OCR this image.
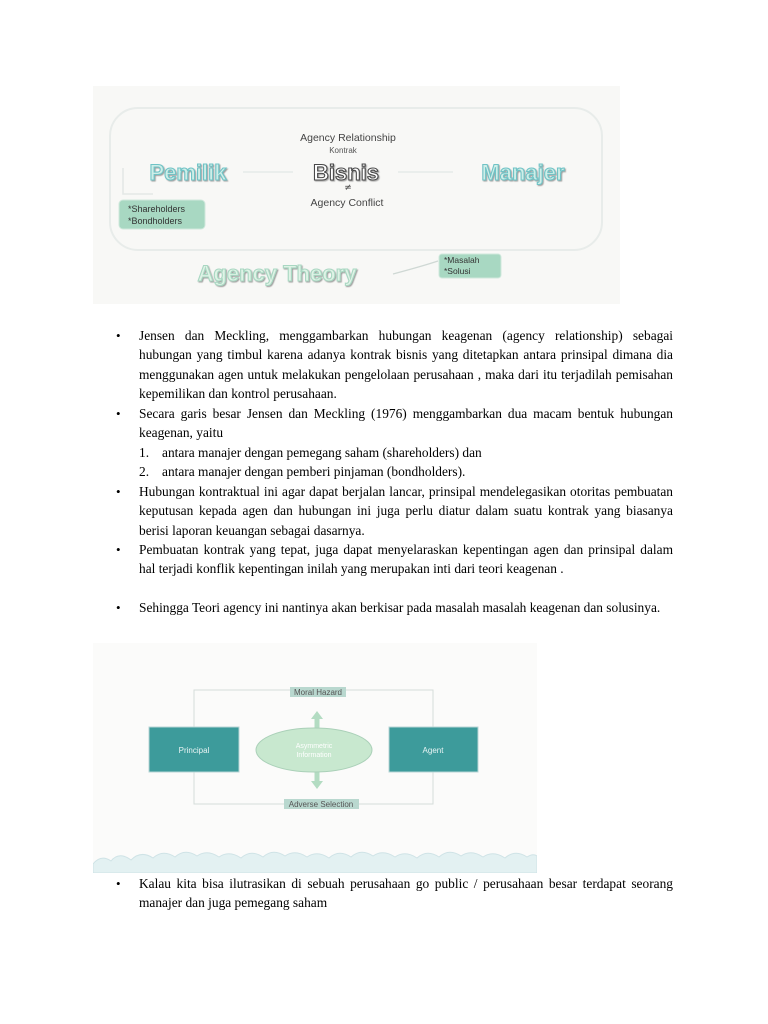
Agency Relationship
Kontrak
Pemilik	Bisnis	Manajer
≠
Agency Conflict
*Shareholders
*Bondholders
Agency Theory
*Masalah
*Solusi
• Jensen dan Meckling, menggambarkan hubungan keagenan (agency relationship) sebagai hubungan yang timbul karena adanya kontrak bisnis yang ditetapkan antara prinsipal dimana dia menggunakan agen untuk melakukan pengelolaan perusahaan , maka dari itu terjadilah pemisahan kepemilikan dan kontrol perusahaan.
• Secara garis besar Jensen dan Meckling (1976) menggambarkan dua macam bentuk hubungan keagenan, yaitu
1. antara manajer dengan pemegang saham (shareholders) dan
2. antara manajer dengan pemberi pinjaman (bondholders).
• Hubungan kontraktual ini agar dapat berjalan lancar, prinsipal mendelegasikan otoritas pembuatan keputusan kepada agen dan hubungan ini juga perlu diatur dalam suatu kontrak yang biasanya berisi laporan keuangan sebagai dasarnya.
• Pembuatan kontrak yang tepat, juga dapat menyelaraskan kepentingan agen dan prinsipal dalam hal terjadi konflik kepentingan inilah yang merupakan inti dari teori keagenan .
• Sehingga Teori agency ini nantinya akan berkisar pada masalah masalah keagenan dan solusinya.
Moral Hazard
Principal	Asymmetric
Information
Agent
Adverse Selection
• Kalau kita bisa ilutrasikan di sebuah perusahaan go public / perusahaan besar terdapat seorang manajer dan juga pemegang saham
